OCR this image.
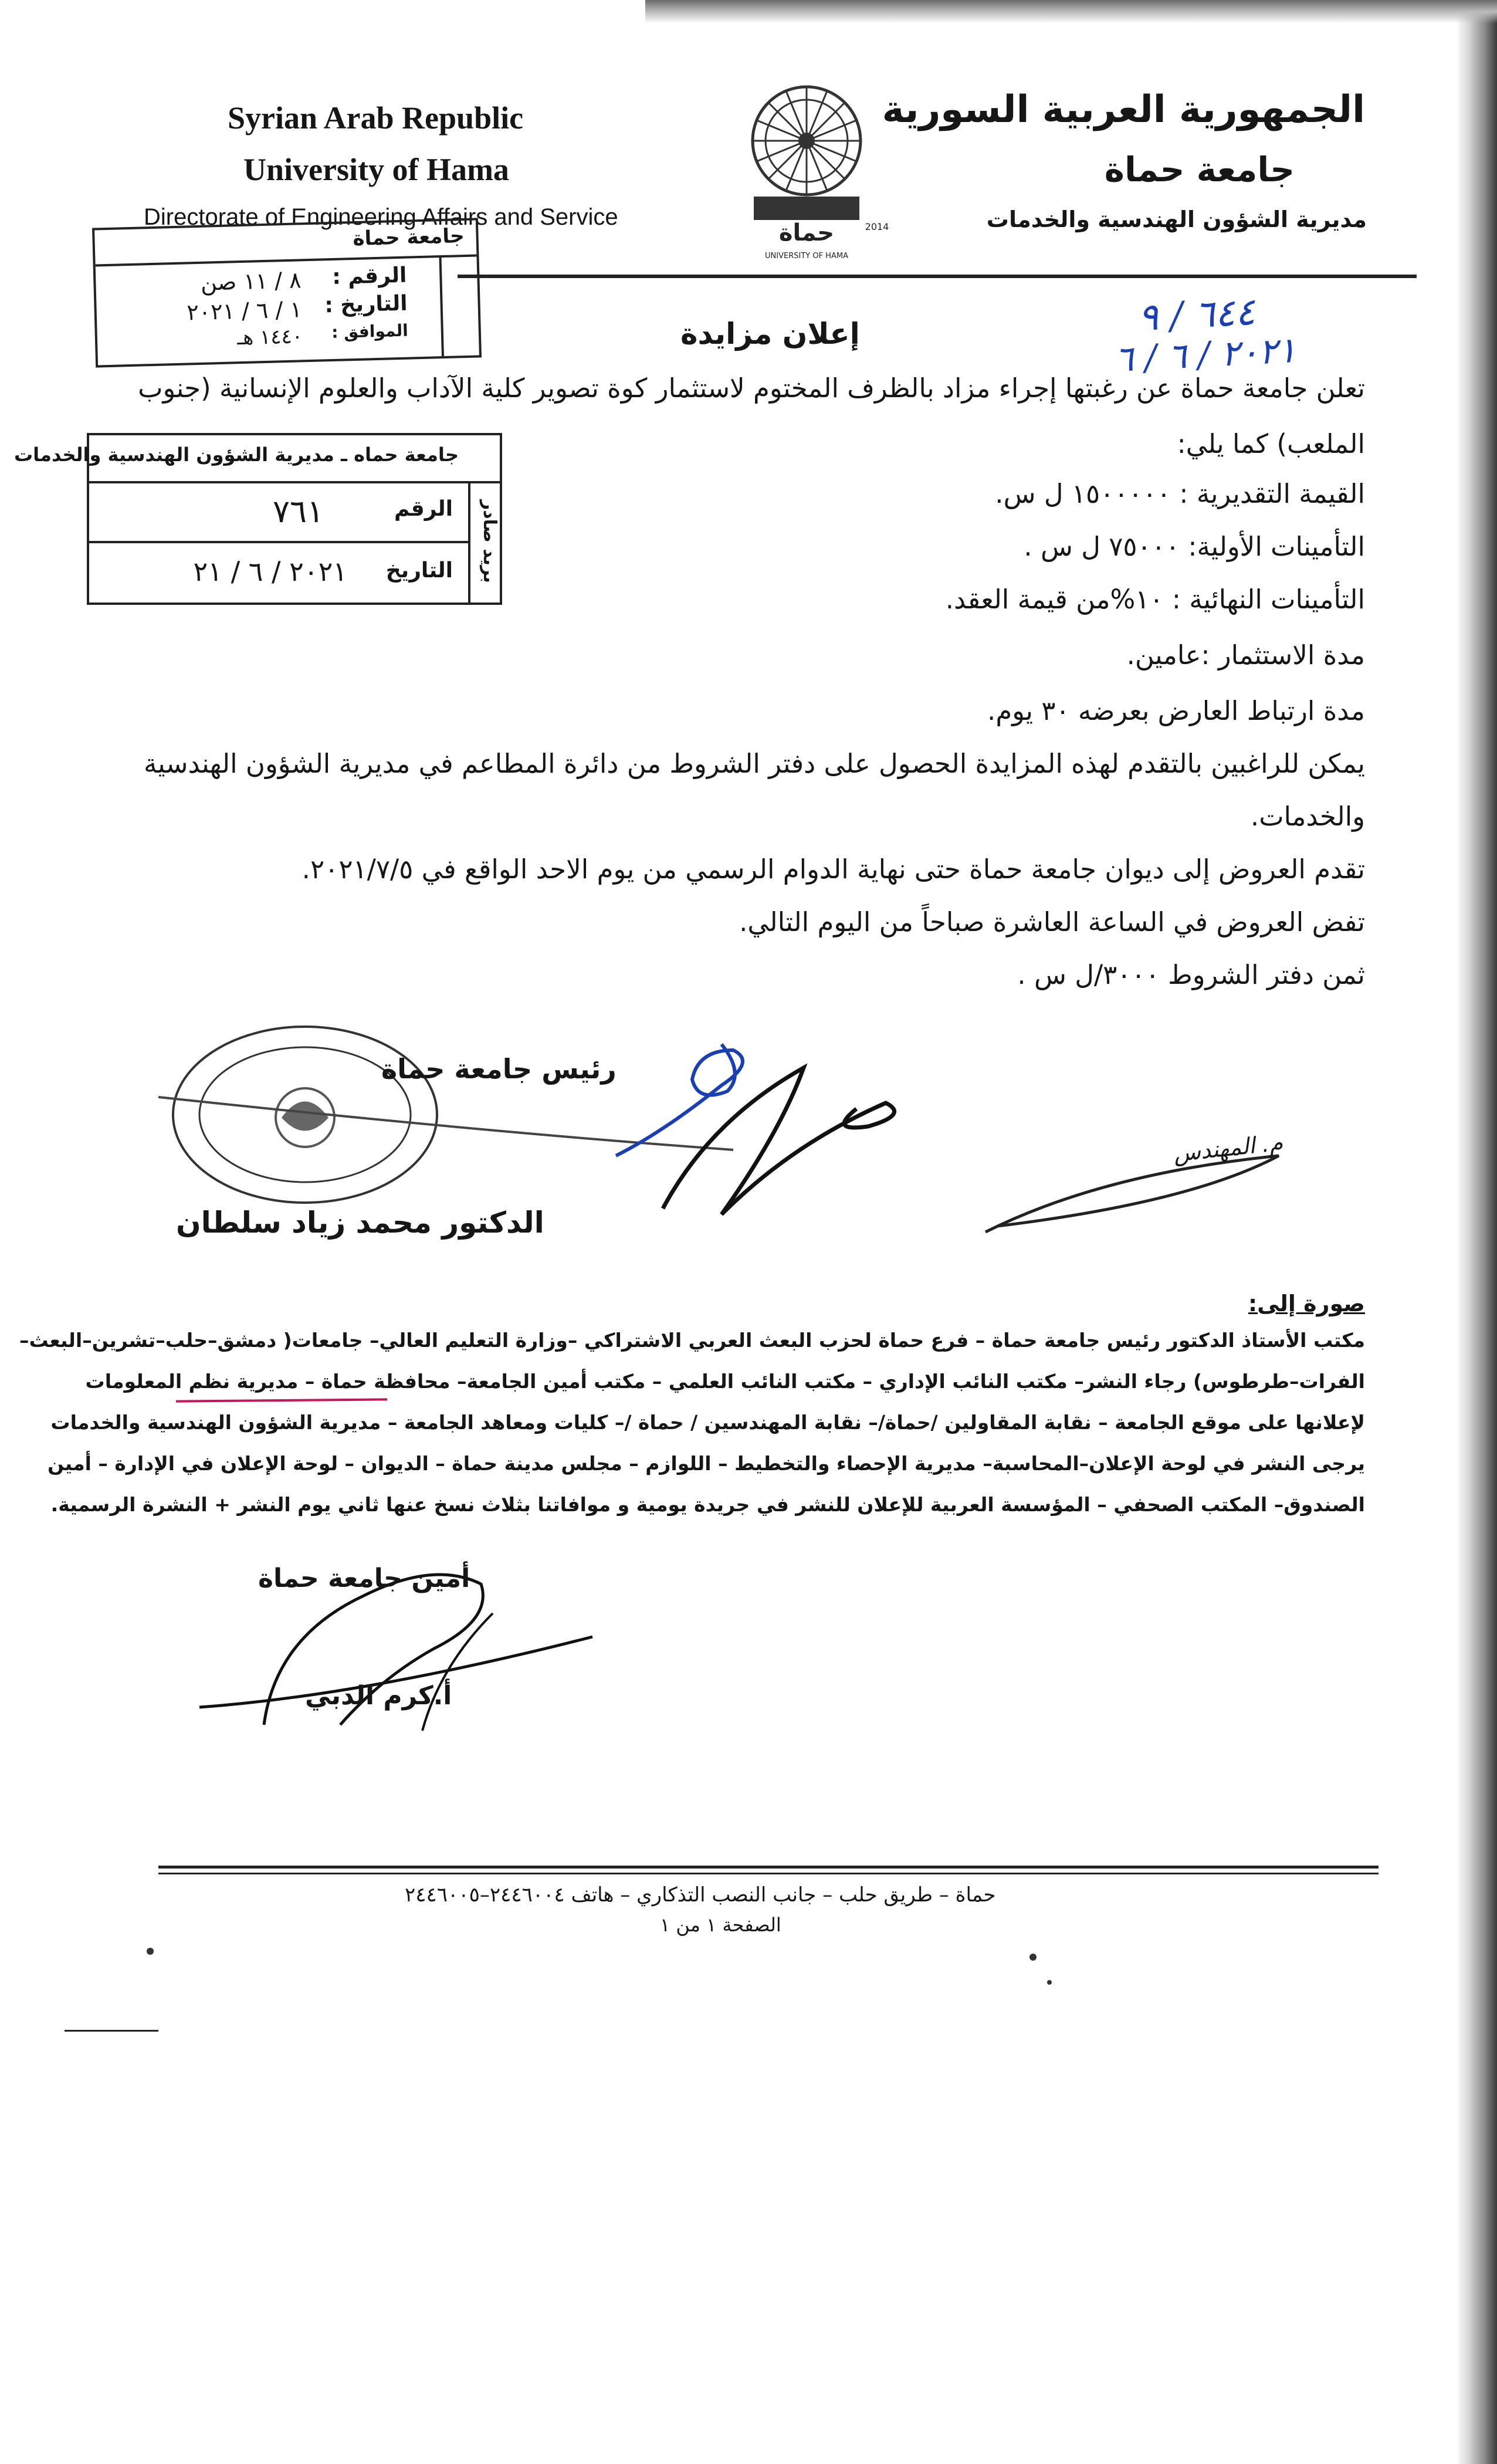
Syrian Arab Republic
University of Hama
Directorate of Engineering Affairs and Service
حماة	2014
UNIVERSITY OF HAMA
الجمهورية العربية السورية
جامعة حماة
مديرية الشؤون الهندسية والخدمات
جامعة حماة
الرقم :
٨ / ١١ صن
التاريخ :
١ / ٦ / ٢٠٢١
الموافق :
١٤٤٠ هـ	٦٤٤ / ٩
٢٠٢١ / ٦ / ٦
إعلان مزايدة
تعلن جامعة حماة عن رغبتها إجراء مزاد بالظرف المختوم لاستثمار كوة تصوير كلية الآداب والعلوم الإنسانية (جنوب
جامعة حماه ـ مديرية الشؤون الهندسية والخدمات
بريد صادر
الرقم
٧٦١
التاريخ
٢٠٢١ / ٦ / ٢١
الملعب) كما يلي:
القيمة التقديرية : ١٥٠٠٠٠٠ ل س.
التأمينات الأولية: ٧٥٠٠٠ ل س .
التأمينات النهائية : ١٠%من قيمة العقد.
مدة الاستثمار :عامين.
مدة ارتباط العارض بعرضه ٣٠ يوم.
يمكن للراغبين بالتقدم لهذه المزايدة الحصول على دفتر الشروط من دائرة المطاعم في مديرية الشؤون الهندسية
والخدمات.
تقدم العروض إلى ديوان جامعة حماة حتى نهاية الدوام الرسمي من يوم الاحد الواقع في ٢٠٢١/٧/٥.
تفض العروض في الساعة العاشرة صباحاً من اليوم التالي.
ثمن دفتر الشروط ٣٠٠٠/ل س .
رئيس جامعة حماة
م. المهندس
الدكتور محمد زياد سلطان
صورة إلى:
مكتب الأستاذ الدكتور رئيس جامعة حماة – فرع حماة لحزب البعث العربي الاشتراكي –وزارة التعليم العالي– جامعات( دمشق–حلب–تشرين–البعث–
الفرات–طرطوس) رجاء النشر– مكتب النائب الإداري – مكتب النائب العلمي – مكتب أمين الجامعة– محافظة حماة – مديرية نظم المعلومات
لإعلانها على موقع الجامعة – نقابة المقاولين /حماة/– نقابة المهندسين / حماة /– كليات ومعاهد الجامعة – مديرية الشؤون الهندسية والخدمات
يرجى النشر في لوحة الإعلان–المحاسبة– مديرية الإحصاء والتخطيط – اللوازم – مجلس مدينة حماة – الديوان – لوحة الإعلان في الإدارة – أمين
الصندوق– المكتب الصحفي – المؤسسة العربية للإعلان للنشر في جريدة يومية و موافاتنا بثلاث نسخ عنها ثاني يوم النشر + النشرة الرسمية.
أمين جامعة حماة
أ.كرم الدبي
حماة – طريق حلب – جانب النصب التذكاري – هاتف ٢٤٤٦٠٠٤–٢٤٤٦٠٠٥
الصفحة ١ من ١
